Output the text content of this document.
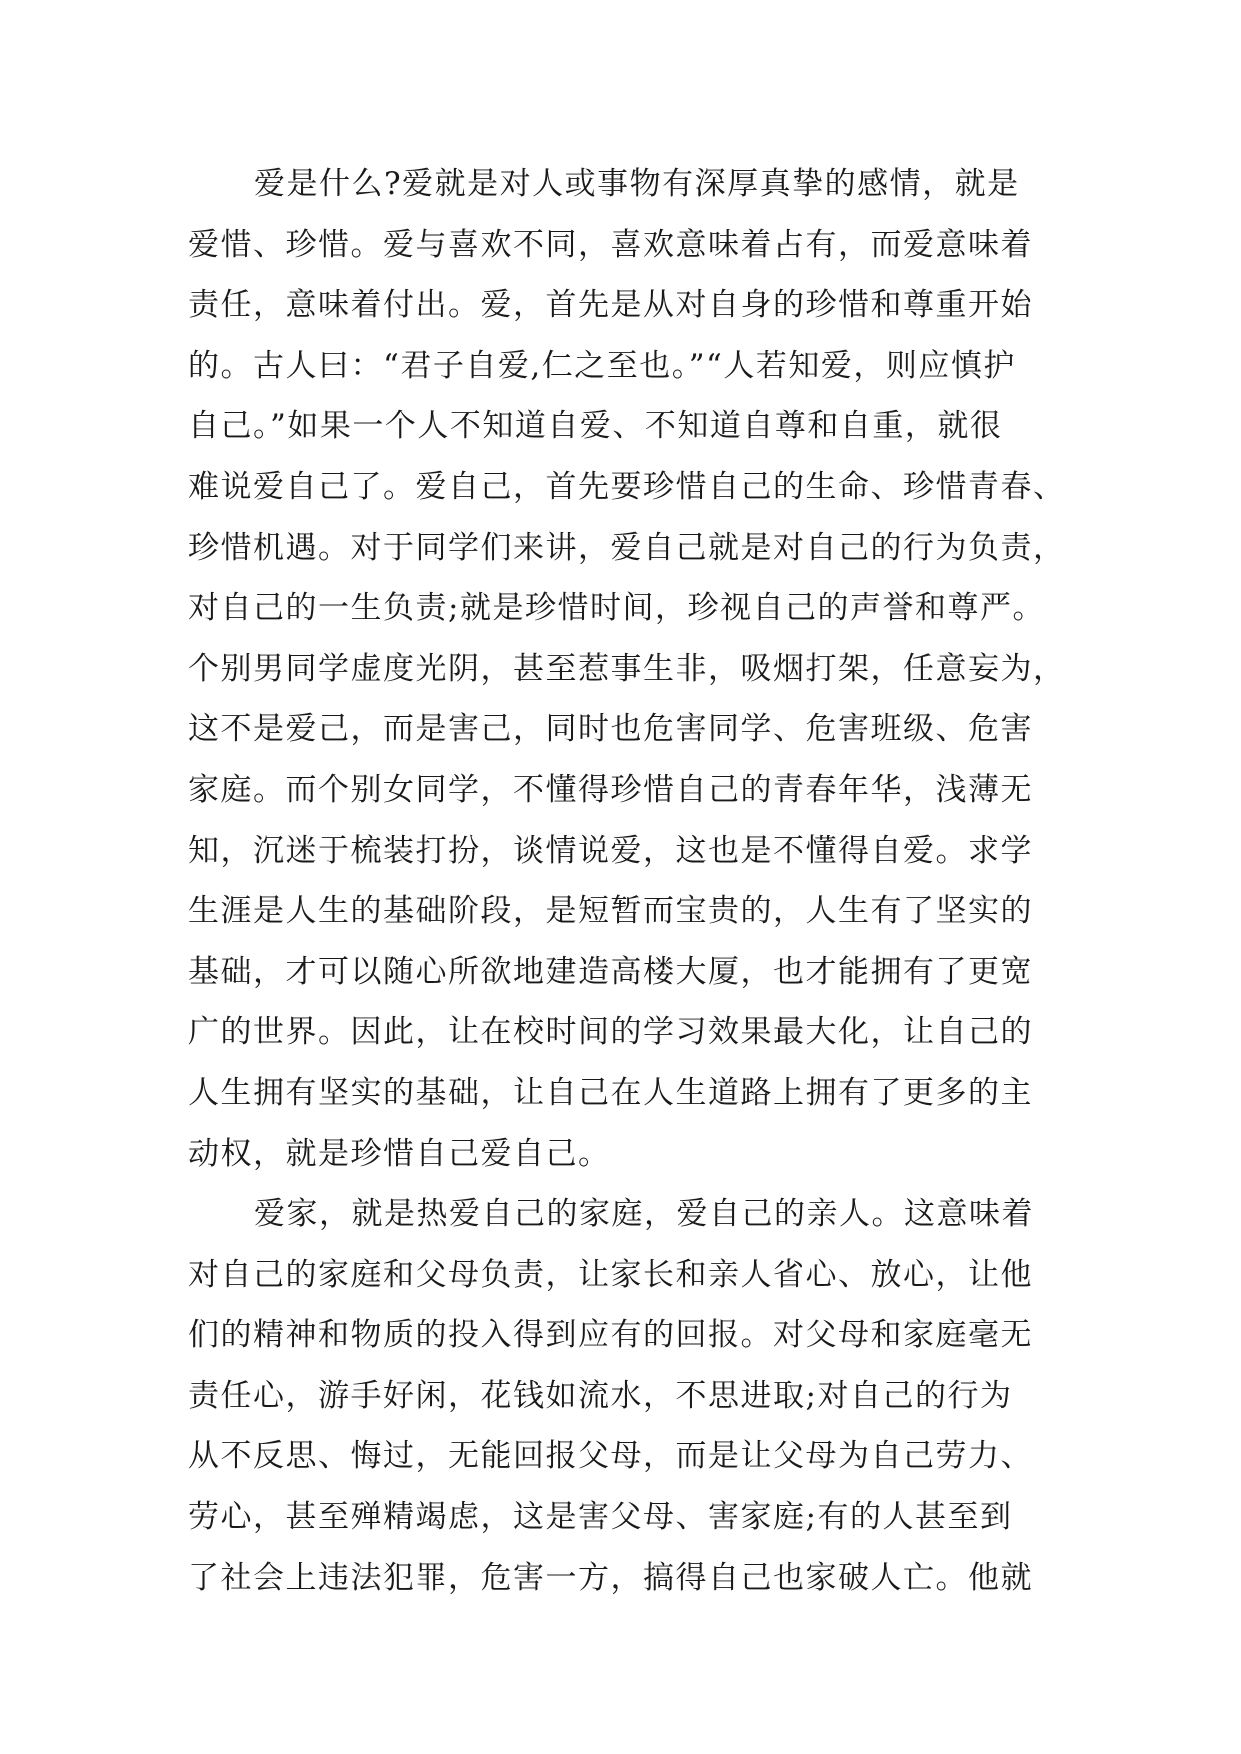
爱是什么?爱就是对人或事物有深厚真挚的感情，就是
爱惜、珍惜。爱与喜欢不同，喜欢意味着占有，而爱意味着
责任，意味着付出。爱，首先是从对自身的珍惜和尊重开始
的。古人曰：“君子自爱,仁之至也。”“人若知爱，则应慎护
自己。”如果一个人不知道自爱、不知道自尊和自重，就很
难说爱自己了。爱自己，首先要珍惜自己的生命、珍惜青春、
珍惜机遇。对于同学们来讲，爱自己就是对自己的行为负责，
对自己的一生负责;就是珍惜时间，珍视自己的声誉和尊严。
个别男同学虚度光阴，甚至惹事生非，吸烟打架，任意妄为，
这不是爱己，而是害己，同时也危害同学、危害班级、危害
家庭。而个别女同学，不懂得珍惜自己的青春年华，浅薄无
知，沉迷于梳装打扮，谈情说爱，这也是不懂得自爱。求学
生涯是人生的基础阶段，是短暂而宝贵的，人生有了坚实的
基础，才可以随心所欲地建造高楼大厦，也才能拥有了更宽
广的世界。因此，让在校时间的学习效果最大化，让自己的
人生拥有坚实的基础，让自己在人生道路上拥有了更多的主
动权，就是珍惜自己爱自己。
爱家，就是热爱自己的家庭，爱自己的亲人。这意味着
对自己的家庭和父母负责，让家长和亲人省心、放心，让他
们的精神和物质的投入得到应有的回报。对父母和家庭毫无
责任心，游手好闲，花钱如流水，不思进取;对自己的行为
从不反思、悔过，无能回报父母，而是让父母为自己劳力、
劳心，甚至殚精竭虑，这是害父母、害家庭;有的人甚至到
了社会上违法犯罪，危害一方，搞得自己也家破人亡。他就
